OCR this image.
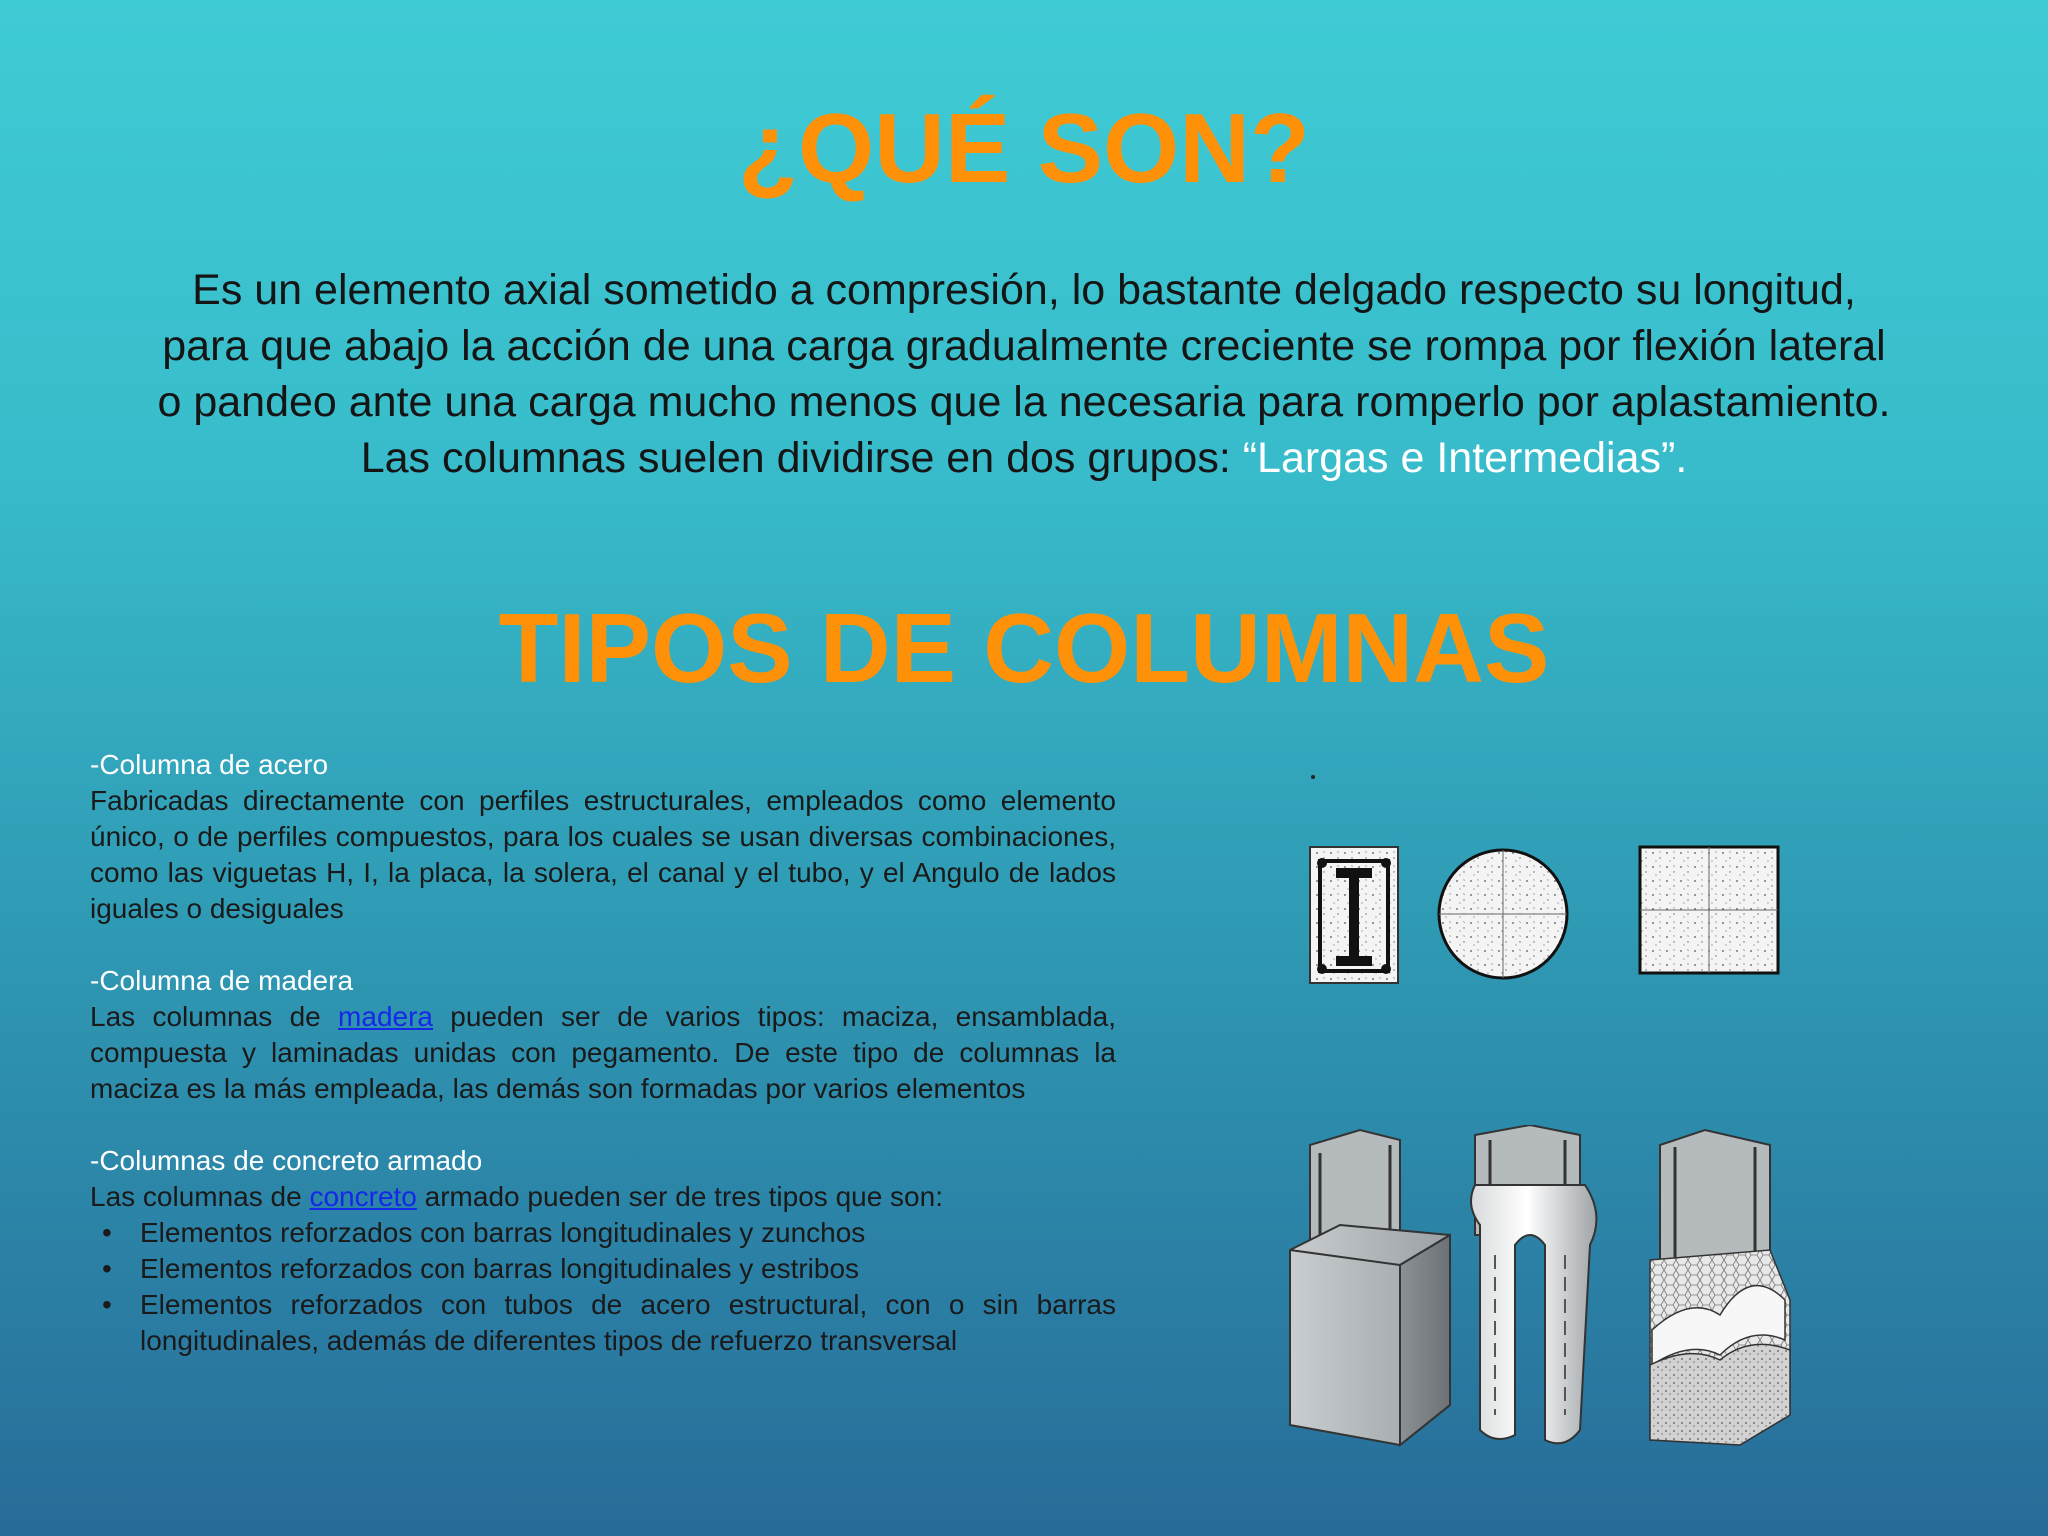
¿QUÉ SON?

Es un elemento axial sometido a compresión, lo bastante delgado respecto su longitud, para que abajo la acción de una carga gradualmente creciente se rompa por flexión lateral o pandeo ante una carga mucho menos que la necesaria para romperlo por aplastamiento. Las columnas suelen dividirse en dos grupos: “Largas e Intermedias”.

TIPOS DE COLUMNAS

-Columna de acero

Fabricadas directamente con perfiles estructurales, empleados como elemento único, o de perfiles compuestos, para los cuales se usan diversas combinaciones, como las viguetas H, I, la placa, la solera, el canal y el tubo, y el Angulo de lados iguales o desiguales

-Columna de madera

Las columnas de madera pueden ser de varios tipos: maciza, ensamblada, compuesta y laminadas unidas con pegamento. De este tipo de columnas la maciza es la más empleada, las demás son formadas por varios elementos

-Columnas de concreto armado

Las columnas de concreto armado pueden ser de tres tipos que son:

• Elementos reforzados con barras longitudinales y zunchos
• Elementos reforzados con barras longitudinales y estribos
• Elementos reforzados con tubos de acero estructural, con o sin barras longitudinales, además de diferentes tipos de refuerzo transversal
